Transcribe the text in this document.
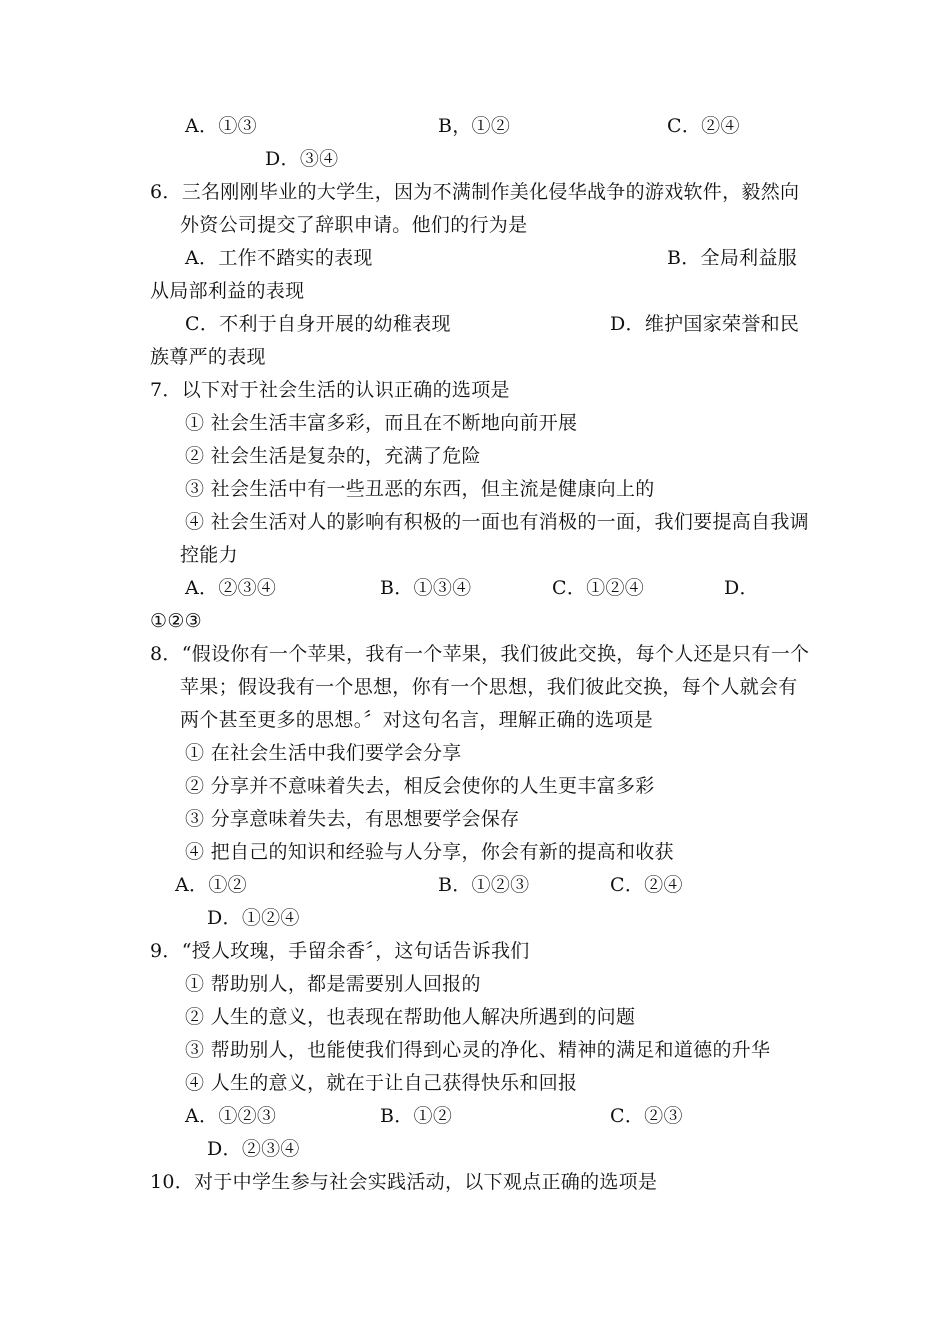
A．①③	B，①②	C．②④
D．③④
6．三名刚刚毕业的大学生，因为不满制作美化侵华战争的游戏软件，毅然向
外资公司提交了辞职申请。他们的行为是
A．工作不踏实的表现	B．全局利益服
从局部利益的表现
C．不利于自身开展的幼稚表现	D．维护国家荣誉和民
族尊严的表现
7．以下对于社会生活的认识正确的选项是
① 社会生活丰富多彩，而且在不断地向前开展
② 社会生活是复杂的，充满了危险
③ 社会生活中有一些丑恶的东西，但主流是健康向上的
④ 社会生活对人的影响有积极的一面也有消极的一面，我们要提高自我调
控能力
A．②③④	B．①③④	C．①②④	D．
①②③
8．“假设你有一个苹果，我有一个苹果，我们彼此交换，每个人还是只有一个
苹果；假设我有一个思想，你有一个思想，我们彼此交换，每个人就会有
两个甚至更多的思想。〞对这句名言，理解正确的选项是
① 在社会生活中我们要学会分享
② 分享并不意味着失去，相反会使你的人生更丰富多彩
③ 分享意味着失去，有思想要学会保存
④ 把自己的知识和经验与人分享，你会有新的提高和收获
A．①②	B．①②③	C．②④
D．①②④
9．“授人玫瑰，手留余香〞，这句话告诉我们
① 帮助别人，都是需要别人回报的
② 人生的意义，也表现在帮助他人解决所遇到的问题
③ 帮助别人，也能使我们得到心灵的净化、精神的满足和道德的升华
④ 人生的意义，就在于让自己获得快乐和回报
A．①②③	B．①②	C．②③
D．②③④
10．对于中学生参与社会实践活动，以下观点正确的选项是
